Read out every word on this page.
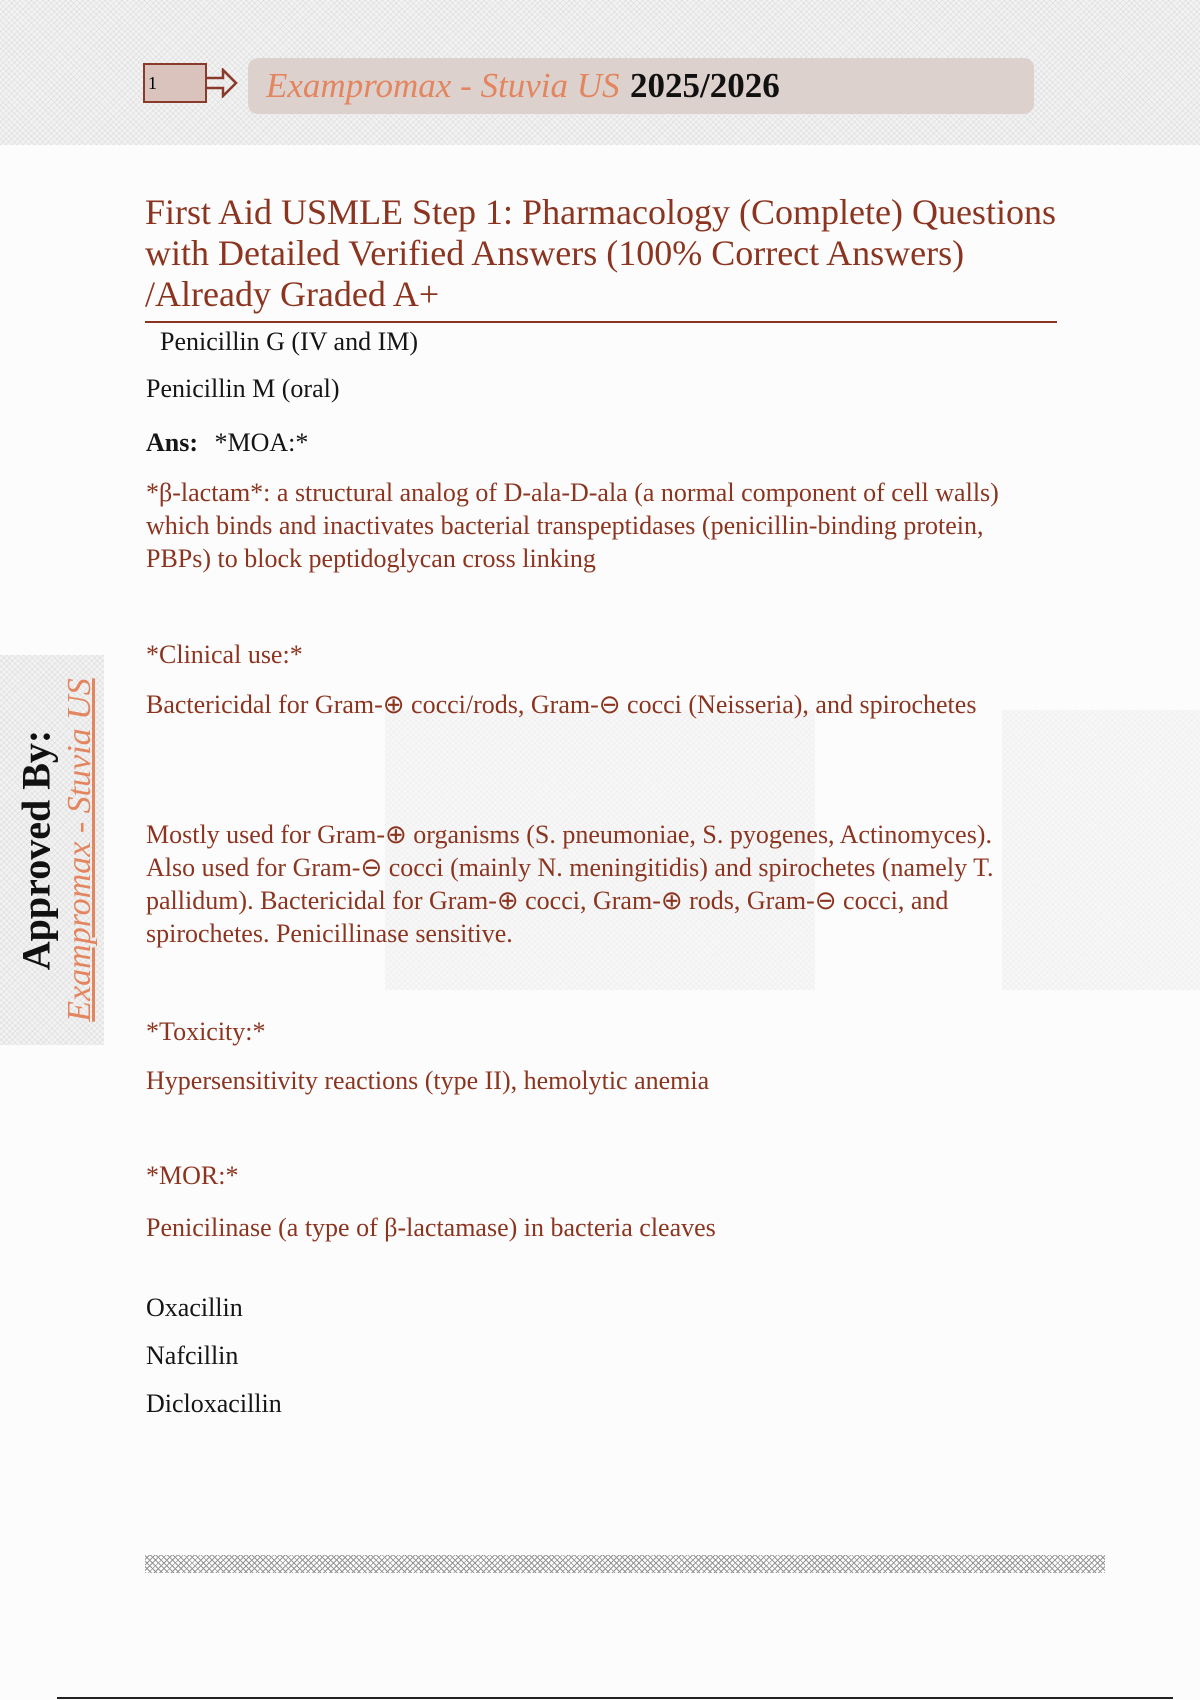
1	Exampromax - Stuvia US 2025/2026
First Aid USMLE Step 1: Pharmacology (Complete) Questions with Detailed Verified Answers (100% Correct Answers) /Already Graded A+
Penicillin G (IV and IM)
Penicillin M (oral)
Ans: *MOA:*
*β-lactam*: a structural analog of D-ala-D-ala (a normal component of cell walls) which binds and inactivates bacterial transpeptidases (penicillin-binding protein, PBPs) to block peptidoglycan cross linking
*Clinical use:*
Bactericidal for Gram-⊕ cocci/rods, Gram-⊖ cocci (Neisseria), and spirochetes
Mostly used for Gram-⊕ organisms (S. pneumoniae, S. pyogenes, Actinomyces). Also used for Gram-⊖ cocci (mainly N. meningitidis) and spirochetes (namely T. pallidum). Bactericidal for Gram-⊕ cocci, Gram-⊕ rods, Gram-⊖ cocci, and spirochetes. Penicillinase sensitive.
*Toxicity:*
Hypersensitivity reactions (type II), hemolytic anemia
*MOR:*
Penicilinase (a type of β-lactamase) in bacteria cleaves
Oxacillin
Nafcillin
Dicloxacillin
Approved By: Exampromax - Stuvia US
